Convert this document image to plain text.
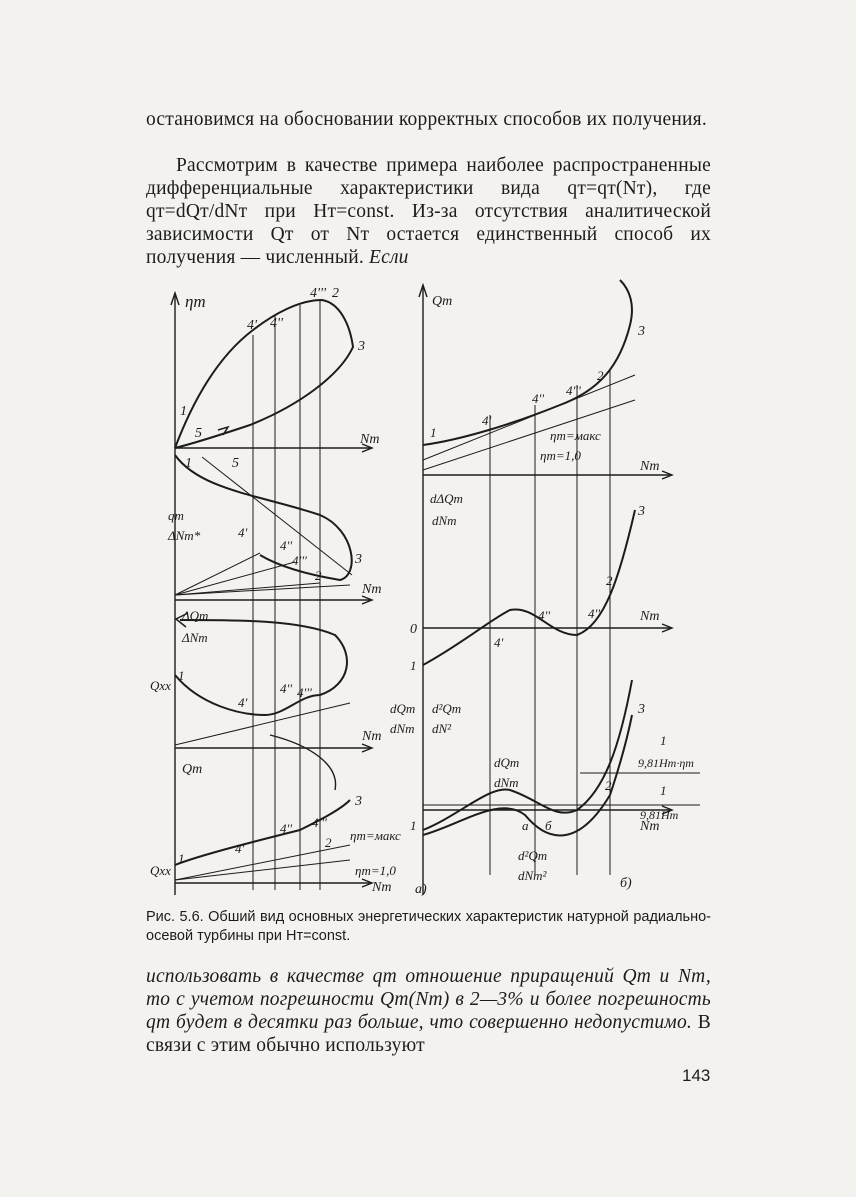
остановимся на обосновании корректных способов их получения.
Рассмотрим в качестве примера наиболее распространенные дифференциальные характеристики вида qт=qт(Nт), где qт=dQт/dNт при Hт=const. Из-за отсутствия аналитической зависимости Qт от Nт остается единственный способ их получения — численный. Если
ηт
4' 4''
4''' 2
3
1
5	Nт
1	5
qт
ΔNт*	4'
4''
4'''
2
3
Nт
ΔQт
ΔNт
1
Qxx
4'
4'' 4'''
Nт
Qт
3
4'' 4'''
4'	2 ηт=макс
ηт=1,0
1
Qxx
Nт а)
Qт
3
2
4'''
4''
4'
1	ηт=макс
ηт=1,0
Nт
dΔQт
dNт
3
2
4''	4'''
4'
0
Nт
1
dQт
dNт
d²Qт
dN²
3
dQт
dNт
1
9,81Hт·ηт
1
9,81Hт
2
1	а б	Nт
d²Qт
dNт²
б)
Рис. 5.6. Обший вид основных энергетических характеристик натурной радиально-осевой турбины при Hт=const.
использовать в качестве qт отношение приращений Qт и Nт, то с учетом погрешности Qт(Nт) в 2—3% и более погрешность qт будет в десятки раз больше, что совершенно недопустимо. В связи с этим обычно используют
143
